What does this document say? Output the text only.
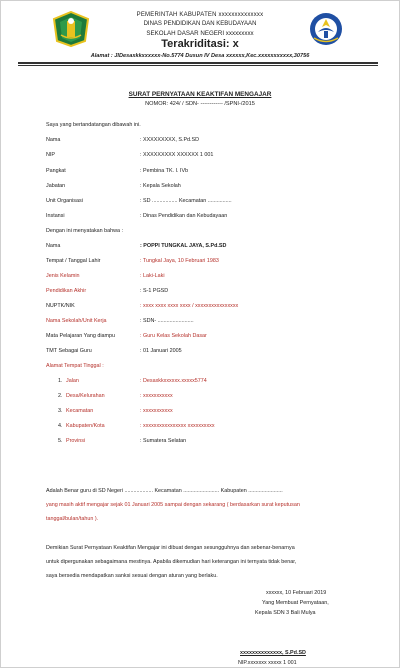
PEMERINTAH KABUPATEN xxxxxxxxxxxxxx
DINAS PENDIDIKAN DAN KEBUDAYAAN
SEKOLAH DASAR NEGERI xxxxxxxxx
Terakriditasi: x
Alamat : JlDesaxkkxxxxxx-No.5774 Dusun IV Desa xxxxxx,Kec.xxxxxxxxxxx,30756
SURAT PERNYATAAN KEAKTIFAN MENGAJAR
NOMOR: 424/ / SDN- ------------ /SPNI-/2015
Saya yang bertandatangan dibawah ini.
Nama	: XXXXXXXXX, S.Pd.SD
NIP	: XXXXXXXXX XXXXXX 1 001
Pangkat	: Pembina TK. I. IVb
Jabatan	: Kepala Sekolah
Unit Organisasi	: SD ................. Kecamatan ................
Instansi	: Dinas Pendidikan dan Kebudayaan
Dengan ini menyatakan bahwa :
Nama	: POPPI TUNGKAL JAYA, S.Pd.SD
Tempat / Tanggal Lahir	: Tungkal Jaya, 10 Februari 1983
Jenis Kelamin	: Laki-Laki
Pendidikan Akhir	: S-1 PGSD
NUPTK/NIK	: xxxx xxxx xxxx xxxx / xxxxxxxxxxxxxxxx
Nama Sekolah/Unit Kerja	: SDN- ........................
Mata Pelajaran Yang diampu	: Guru Kelas Sekolah Dasar
TMT Sebagai Guru	: 01 Januari 2005
Alamat Tempat Tinggal :
1. Jalan	: Desaxkkxxxxxx.xxxxx5774
2. Desa/Kelurahan	: xxxxxxxxxxx
3. Kecamatan	: xxxxxxxxxxx
4. Kabupaten/Kota	: xxxxxxxxxxxxxxxx xxxxxxxxxx
5. Provinsi	: Sumatera Selatan
Adalah Benar guru di SD Negeri ................... Kecamatan ........................ Kabupaten .......................
yang masih aktif mengajar sejak 01 Januari 2005 sampai dengan sekarang ( berdasarkan surat keputusan
tanggal/bulan/tahun ).
Demikian Surat Pernyataan Keaktifan Mengajar ini dibuat dengan sesungguhnya dan sebenar-benarnya
untuk dipergunakan sebagaimana mestinya. Apabila dikemudian hari keterangan ini ternyata tidak benar,
saya bersedia mendapatkan sanksi sesuai dengan aturan yang berlaku.
xxxxxx, 10 Februari 2019
Yang Membuat Pernyataan,
Kepala SDN 3 Bali Mulya
xxxxxxxxxxxxxx, S.Pd.SD
NIP.xxxxxxx xxxxx 1 001
